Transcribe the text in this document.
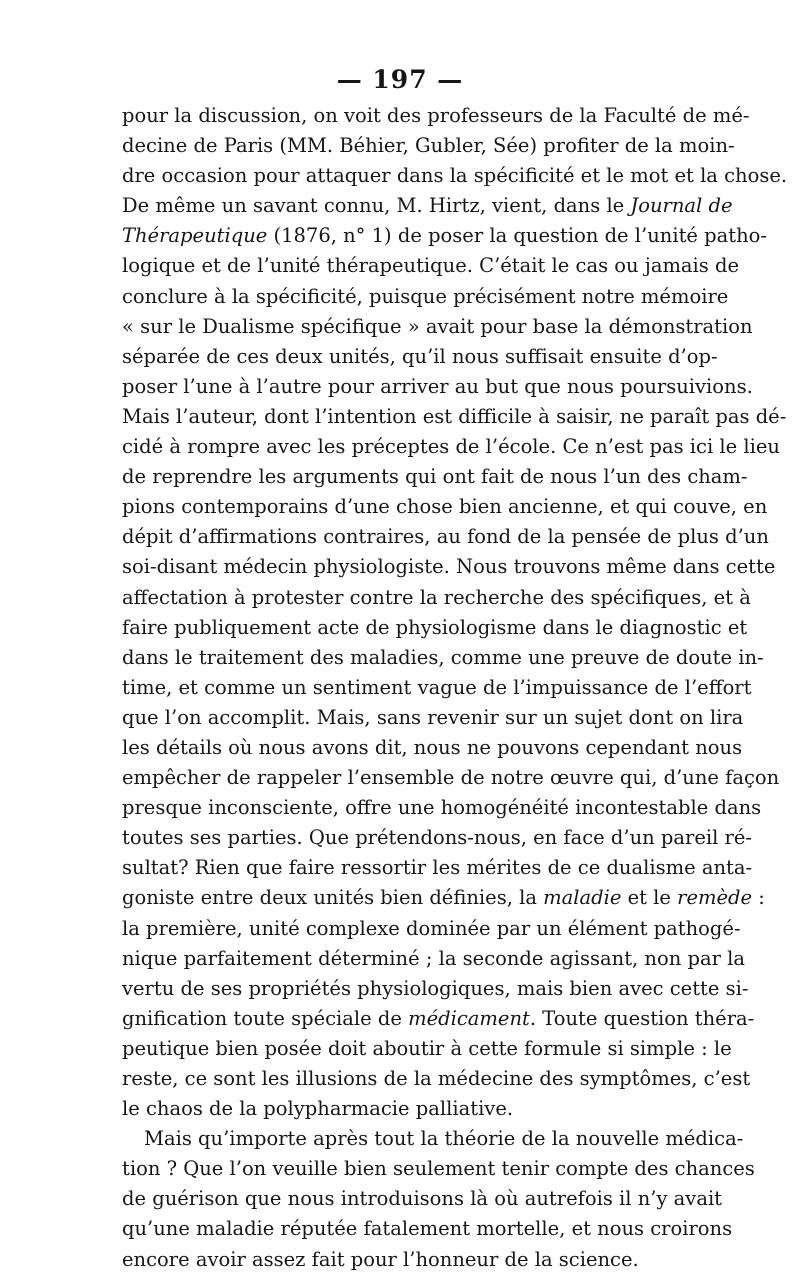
— 197 —
pour la discussion, on voit des professeurs de la Faculté de mé-
decine de Paris (MM. Béhier, Gubler, Sée) profiter de la moin-
dre occasion pour attaquer dans la spécificité et le mot et la chose.
De même un savant connu, M. Hirtz, vient, dans le Journal de
Thérapeutique (1876, n° 1) de poser la question de l’unité patho-
logique et de l’unité thérapeutique. C’était le cas ou jamais de
conclure à la spécificité, puisque précisément notre mémoire
« sur le Dualisme spécifique » avait pour base la démonstration
séparée de ces deux unités, qu’il nous suffisait ensuite d’op-
poser l’une à l’autre pour arriver au but que nous poursuivions.
Mais l’auteur, dont l’intention est difficile à saisir, ne paraît pas dé-
cidé à rompre avec les préceptes de l’école. Ce n’est pas ici le lieu
de reprendre les arguments qui ont fait de nous l’un des cham-
pions contemporains d’une chose bien ancienne, et qui couve, en
dépit d’affirmations contraires, au fond de la pensée de plus d’un
soi-disant médecin physiologiste. Nous trouvons même dans cette
affectation à protester contre la recherche des spécifiques, et à
faire publiquement acte de physiologisme dans le diagnostic et
dans le traitement des maladies, comme une preuve de doute in-
time, et comme un sentiment vague de l’impuissance de l’effort
que l’on accomplit. Mais, sans revenir sur un sujet dont on lira
les détails où nous avons dit, nous ne pouvons cependant nous
empêcher de rappeler l’ensemble de notre œuvre qui, d’une façon
presque inconsciente, offre une homogénéité incontestable dans
toutes ses parties. Que prétendons-nous, en face d’un pareil ré-
sultat? Rien que faire ressortir les mérites de ce dualisme anta-
goniste entre deux unités bien définies, la maladie et le remède :
la première, unité complexe dominée par un élément pathogé-
nique parfaitement déterminé ; la seconde agissant, non par la
vertu de ses propriétés physiologiques, mais bien avec cette si-
gnification toute spéciale de médicament. Toute question théra-
peutique bien posée doit aboutir à cette formule si simple : le
reste, ce sont les illusions de la médecine des symptômes, c’est
le chaos de la polypharmacie palliative.
Mais qu’importe après tout la théorie de la nouvelle médica-
tion ? Que l’on veuille bien seulement tenir compte des chances
de guérison que nous introduisons là où autrefois il n’y avait
qu’une maladie réputée fatalement mortelle, et nous croirons
encore avoir assez fait pour l’honneur de la science.
